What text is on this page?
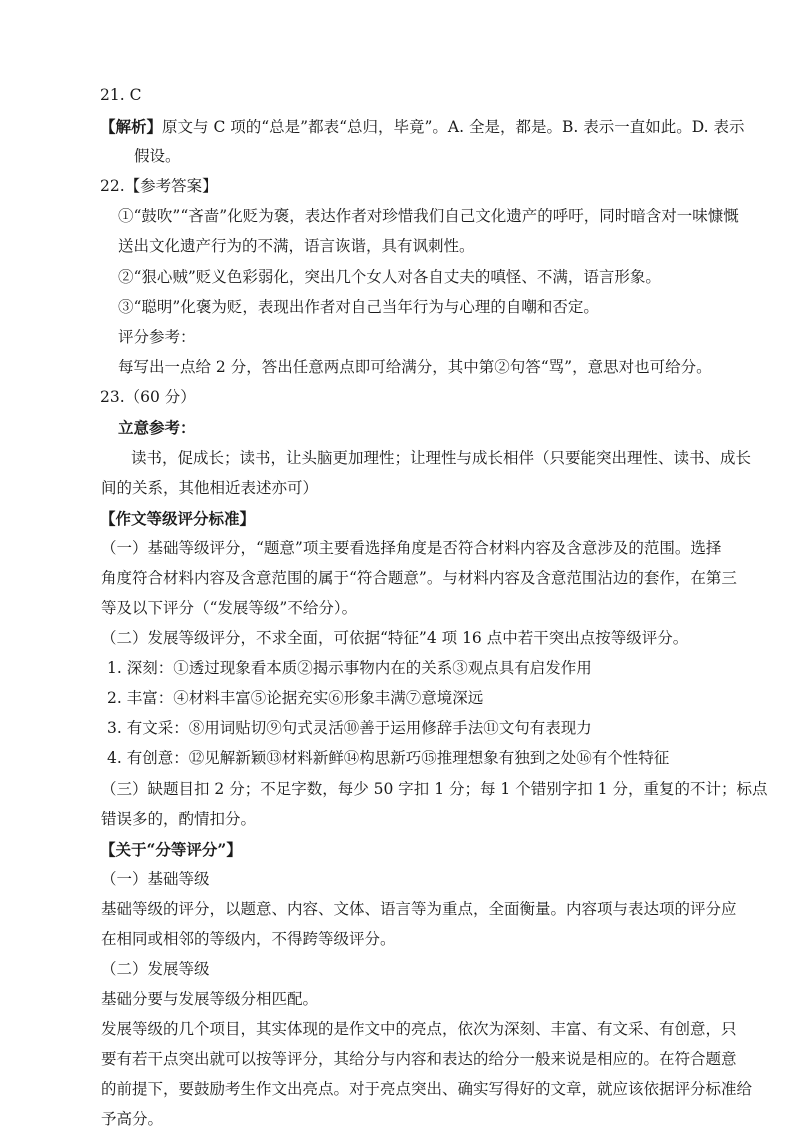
21. C
【解析】原文与 C 项的“总是”都表“总归，毕竟”。A. 全是，都是。B. 表示一直如此。D. 表示
假设。
22.【参考答案】
①“鼓吹”“吝啬”化贬为褒，表达作者对珍惜我们自己文化遗产的呼吁，同时暗含对一味慷慨
送出文化遗产行为的不满，语言诙谐，具有讽刺性。
②“狠心贼”贬义色彩弱化，突出几个女人对各自丈夫的嗔怪、不满，语言形象。
③“聪明”化褒为贬，表现出作者对自己当年行为与心理的自嘲和否定。
评分参考：
每写出一点给 2 分，答出任意两点即可给满分，其中第②句答“骂”，意思对也可给分。
23.（60 分）
立意参考：
读书，促成长；读书，让头脑更加理性；让理性与成长相伴（只要能突出理性、读书、成长
间的关系，其他相近表述亦可）
【作文等级评分标准】
（一）基础等级评分，“题意”项主要看选择角度是否符合材料内容及含意涉及的范围。选择
角度符合材料内容及含意范围的属于“符合题意”。与材料内容及含意范围沾边的套作，在第三
等及以下评分（“发展等级”不给分）。
（二）发展等级评分，不求全面，可依据“特征”4 项 16 点中若干突出点按等级评分。
1. 深刻：①透过现象看本质②揭示事物内在的关系③观点具有启发作用
2. 丰富：④材料丰富⑤论据充实⑥形象丰满⑦意境深远
3. 有文采：⑧用词贴切⑨句式灵活⑩善于运用修辞手法⑪文句有表现力
4. 有创意：⑫见解新颖⑬材料新鲜⑭构思新巧⑮推理想象有独到之处⑯有个性特征
（三）缺题目扣 2 分；不足字数，每少 50 字扣 1 分；每 1 个错别字扣 1 分，重复的不计；标点
错误多的，酌情扣分。
【关于“分等评分”】
（一）基础等级
基础等级的评分，以题意、内容、文体、语言等为重点，全面衡量。内容项与表达项的评分应
在相同或相邻的等级内，不得跨等级评分。
（二）发展等级
基础分要与发展等级分相匹配。
发展等级的几个项目，其实体现的是作文中的亮点，依次为深刻、丰富、有文采、有创意，只
要有若干点突出就可以按等评分，其给分与内容和表达的给分一般来说是相应的。在符合题意
的前提下，要鼓励考生作文出亮点。对于亮点突出、确实写得好的文章，就应该依据评分标准给
予高分。
